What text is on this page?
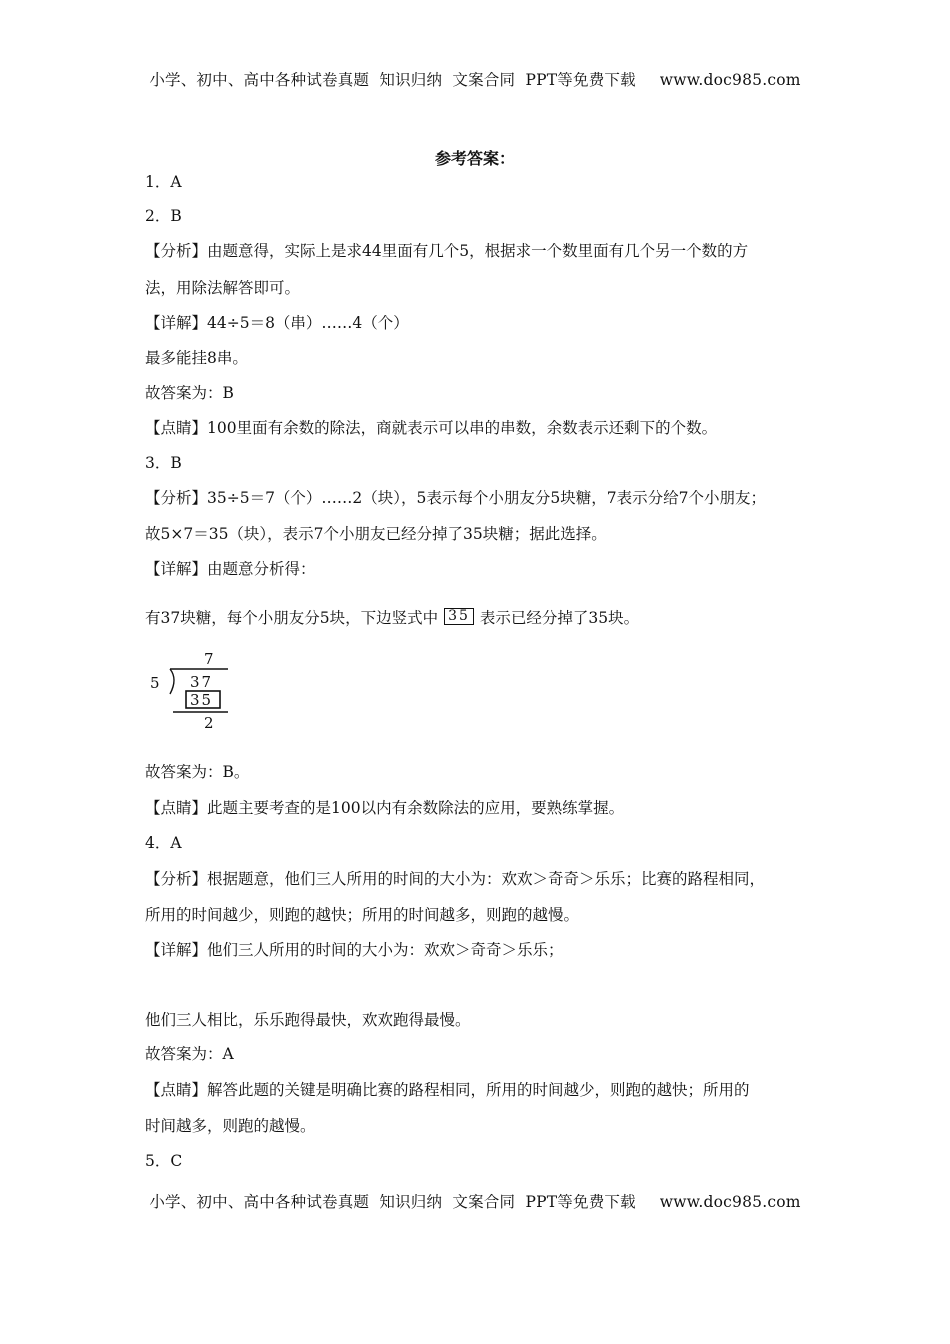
小学、初中、高中各种试卷真题  知识归纳  文案合同  PPT等免费下载 www.doc985.com
参考答案：
1．A
2．B
【分析】由题意得，实际上是求44里面有几个5，根据求一个数里面有几个另一个数的方
法，用除法解答即可。
【详解】44÷5＝8（串）……4（个）
最多能挂8串。
故答案为：B
【点睛】100里面有余数的除法，商就表示可以串的串数，余数表示还剩下的个数。
3．B
【分析】35÷5＝7（个）……2（块），5表示每个小朋友分5块糖，7表示分给7个小朋友；
故5×7＝35（块），表示7个小朋友已经分掉了35块糖；据此选择。
【详解】由题意分析得：
有37块糖，每个小朋友分5块，下边竖式中 35 表示已经分掉了35块。
5
7
37
35
2
故答案为：B。
【点睛】此题主要考查的是100以内有余数除法的应用，要熟练掌握。
4．A
【分析】根据题意，他们三人所用的时间的大小为：欢欢＞奇奇＞乐乐；比赛的路程相同，
所用的时间越少，则跑的越快；所用的时间越多，则跑的越慢。
【详解】他们三人所用的时间的大小为：欢欢＞奇奇＞乐乐；
他们三人相比，乐乐跑得最快，欢欢跑得最慢。
故答案为：A
【点睛】解答此题的关键是明确比赛的路程相同，所用的时间越少，则跑的越快；所用的
时间越多，则跑的越慢。
5．C
小学、初中、高中各种试卷真题  知识归纳  文案合同  PPT等免费下载 www.doc985.com
